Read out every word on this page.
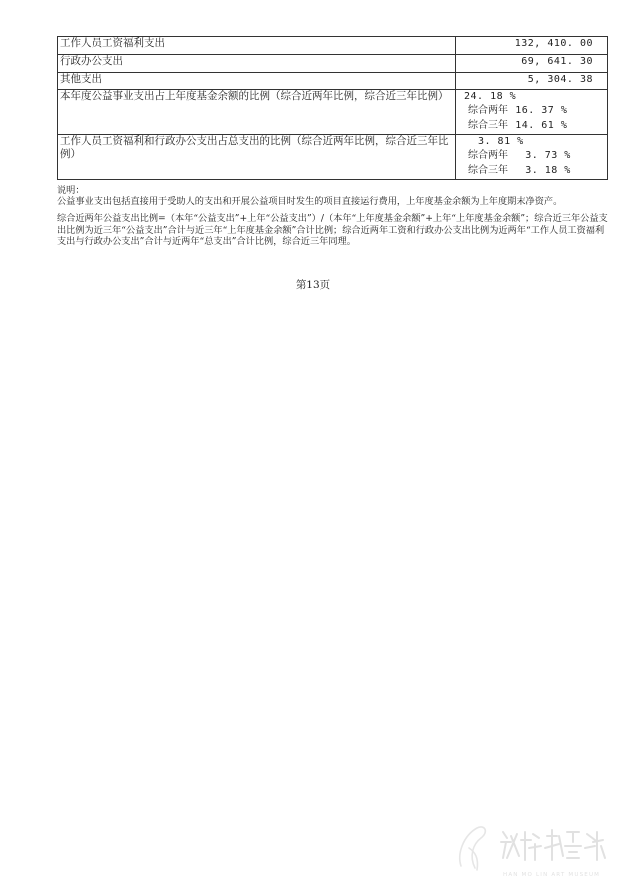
工作人员工资福利支出	132, 410. 00
行政办公支出	69, 641. 30
其他支出	5, 304. 38
本年度公益事业支出占上年度基金余额的比例（综合近两年比例，综合近三年比例）	24. 18 %
综合两年 16. 37 %
综合三年 14. 61 %

工作人员工资福利和行政办公支出占总支出的比例（综合近两年比例，综合近三年比例）	3. 81 %
综合两年 3. 73 %
综合三年 3. 18 %

说明：

公益事业支出包括直接用于受助人的支出和开展公益项目时发生的项目直接运行费用，上年度基金余额为上年度期末净资产。

综合近两年公益支出比例=（本年“公益支出”+上年“公益支出”）/（本年“上年度基金余额”+上年“上年度基金余额”；综合近三年公益支出比例为近三年“公益支出”合计与近三年“上年度基金余额”合计比例；综合近两年工资和行政办公支出比例为近两年“工作人员工资福利支出与行政办公支出”合计与近两年“总支出”合计比例，综合近三年同理。

第13页
HAN MO LIN ART MUSEUM
